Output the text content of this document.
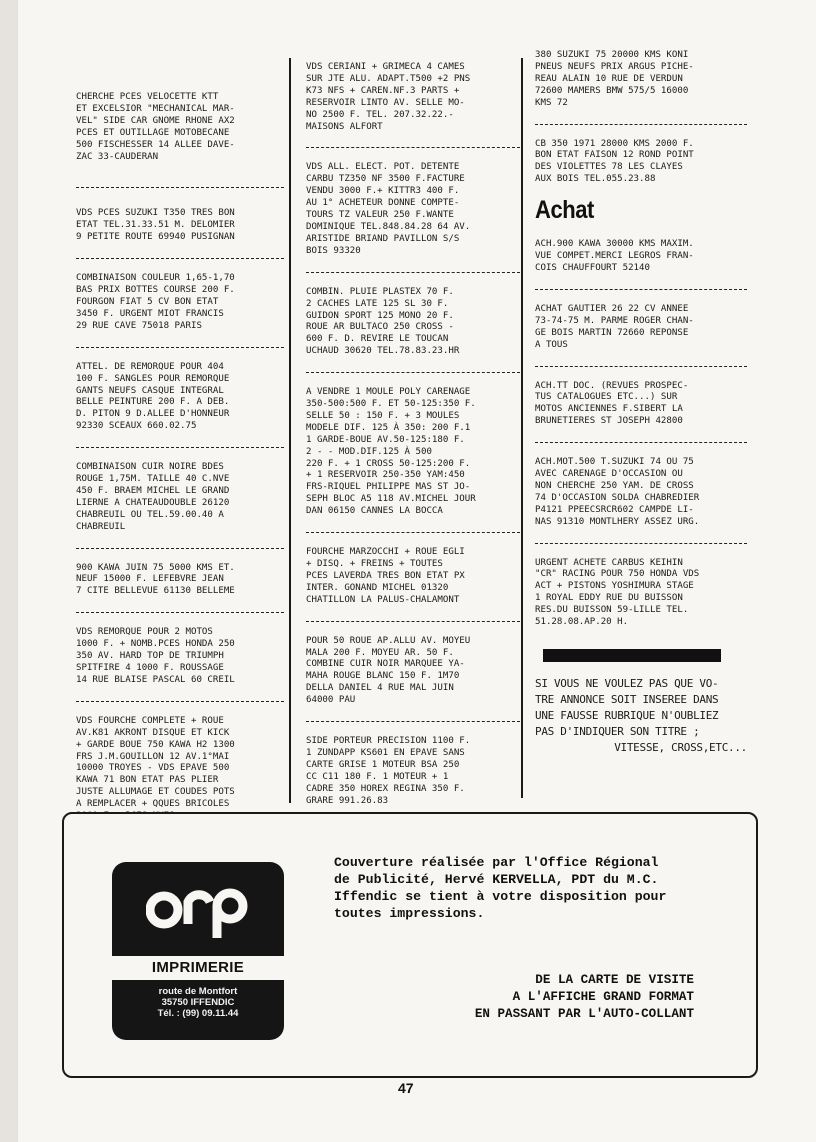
CHERCHE PCES VELOCETTE KTT
ET EXCELSIOR "MECHANICAL MAR-
VEL" SIDE CAR GNOME RHONE AX2
PCES ET OUTILLAGE MOTOBECANE
500 FISCHESSER 14 ALLEE DAVE-
ZAC 33-CAUDERAN

VDS PCES SUZUKI T350 TRES BON
ETAT TEL.31.33.51 M. DELOMIER
9 PETITE ROUTE 69940 PUSIGNAN

COMBINAISON COULEUR 1,65-1,70
BAS PRIX BOTTES COURSE 200 F.
FOURGON FIAT 5 CV BON ETAT
3450 F. URGENT MIOT FRANCIS
29 RUE CAVE 75018 PARIS

ATTEL. DE REMORQUE POUR 404
100 F. SANGLES POUR REMORQUE
GANTS NEUFS CASQUE INTEGRAL
BELLE PEINTURE 200 F. A DEB.
D. PITON 9 D.ALLEE D'HONNEUR
92330 SCEAUX 660.02.75

COMBINAISON CUIR NOIRE BDES
ROUGE 1,75M. TAILLE 40 C.NVE
450 F. BRAEM MICHEL LE GRAND
LIERNE A CHATEAUDOUBLE 26120
CHABREUIL OU TEL.59.00.40 A
CHABREUIL

900 KAWA JUIN 75 5000 KMS ET.
NEUF 15000 F. LEFEBVRE JEAN
7 CITE BELLEVUE 61130 BELLEME

VDS REMORQUE POUR 2 MOTOS
1000 F. + NOMB.PCES HONDA 250
350 AV. HARD TOP DE TRIUMPH
SPITFIRE 4 1000 F. ROUSSAGE
14 RUE BLAISE PASCAL 60 CREIL

VDS FOURCHE COMPLETE + ROUE
AV.K81 AKRONT DISQUE ET KICK
+ GARDE BOUE 750 KAWA H2 1300
FRS J.M.GOUILLON 12 AV.1°MAI
10000 TROYES - VDS EPAVE 500
KAWA 71 BON ETAT PAS PLIER
JUSTE ALLUMAGE ET COUDES POTS
A REMPLACER + QQUES BRICOLES

VDS CERIANI + GRIMECA 4 CAMES
SUR JTE ALU. ADAPT.T500 +2 PNS
K73 NFS + CAREN.NF.3 PARTS +
RESERVOIR LINTO AV. SELLE MO-
NO 2500 F. TEL. 207.32.22.-
MAISONS ALFORT

VDS ALL. ELECT. POT. DETENTE
CARBU TZ350 NF 3500 F.FACTURE
VENDU 3000 F.+ KITTR3 400 F.
AU 1° ACHETEUR DONNE COMPTE-
TOURS TZ VALEUR 250 F.WANTE
DOMINIQUE TEL.848.84.28 64 AV.
ARISTIDE BRIAND PAVILLON S/S
BOIS 93320

COMBIN. PLUIE PLASTEX 70 F.
2 CACHES LATE 125 SL 30 F.
GUIDON SPORT 125 MONO 20 F.
ROUE AR BULTACO 250 CROSS -
600 F. D. REVIRE LE TOUCAN
UCHAUD 30620 TEL.78.83.23.HR

A VENDRE 1 MOULE POLY CARENAGE
350-500:500 F. ET 50-125:350 F.
SELLE 50 : 150 F. + 3 MOULES
MODELE DIF. 125 À 350: 200 F.1
1 GARDE-BOUE AV.50-125:180 F.
2 - - MOD.DIF.125 À 500
220 F. + 1 CROSS 50-125:200 F.
+ 1 RESERVOIR 250-350 YAM:450
FRS-RIQUEL PHILIPPE MAS ST JO-
SEPH BLOC A5 118 AV.MICHEL JOUR
DAN 06150 CANNES LA BOCCA

FOURCHE MARZOCCHI + ROUE EGLI
+ DISQ. + FREINS + TOUTES
PCES LAVERDA TRES BON ETAT PX
INTER. GONAND MICHEL 01320
CHATILLON LA PALUS-CHALAMONT

POUR 50 ROUE AP.ALLU AV. MOYEU
MALA 200 F. MOYEU AR. 50 F.
COMBINE CUIR NOIR MARQUEE YA-
MAHA ROUGE BLANC 150 F. 1M70
DELLA DANIEL 4 RUE MAL JUIN
64000 PAU

SIDE PORTEUR PRECISION 1100 F.
1 ZUNDAPP KS601 EN EPAVE SANS
CARTE GRISE 1 MOTEUR BSA 250
CC C11 180 F. 1 MOTEUR + 1
CADRE 350 HOREX REGINA 350 F.
GRARE 991.26.83

380 SUZUKI 75 20000 KMS KONI
PNEUS NEUFS PRIX ARGUS PICHE-
REAU ALAIN 10 RUE DE VERDUN
72600 MAMERS BMW 575/5 16000
KMS 72

CB 350 1971 28000 KMS 2000 F.
BON ETAT FAISON 12 ROND POINT
DES VIOLETTES 78 LES CLAYES
AUX BOIS TEL.055.23.88

Achat

ACH.900 KAWA 30000 KMS MAXIM.
VUE COMPET.MERCI LEGROS FRAN-
COIS CHAUFFOURT 52140

ACHAT GAUTIER 26 22 CV ANNEE
73-74-75 M. PARME ROGER CHAN-
GE BOIS MARTIN 72660 REPONSE
A TOUS

ACH.TT DOC. (REVUES PROSPEC-
TUS CATALOGUES ETC...) SUR
MOTOS ANCIENNES F.SIBERT LA
BRUNETIERES ST JOSEPH 42800

ACH.MOT.500 T.SUZUKI 74 OU 75
AVEC CARENAGE D'OCCASION OU
NON CHERCHE 250 YAM. DE CROSS
74 D'OCCASION SOLDA CHABREDIER
P4121 PPEECSRCR602 CAMPDE LI-
NAS 91310 MONTLHERY ASSEZ URG.

URGENT ACHETE CARBUS KEIHIN
"CR" RACING POUR 750 HONDA VDS
ACT + PISTONS YOSHIMURA STAGE
1 ROYAL EDDY RUE DU BUISSON
RES.DU BUISSON 59-LILLE TEL.
51.28.08.AP.20 H.

SI VOUS NE VOULEZ PAS QUE VO-
TRE ANNONCE SOIT INSEREE DANS
UNE FAUSSE RUBRIQUE N'OUBLIEZ
PAS D'INDIQUER SON TITRE ;

VITESSE, CROSS,ETC...

IMPRIMERIE
route de Montfort
35750 IFFENDIC
Tél. : (99) 09.11.44

Couverture réalisée par l'Office Régional
de Publicité, Hervé KERVELLA, PDT du M.C.
Iffendic se tient à votre disposition pour
toutes impressions.

DE LA CARTE DE VISITE
A L'AFFICHE GRAND FORMAT
EN PASSANT PAR L'AUTO-COLLANT

47
